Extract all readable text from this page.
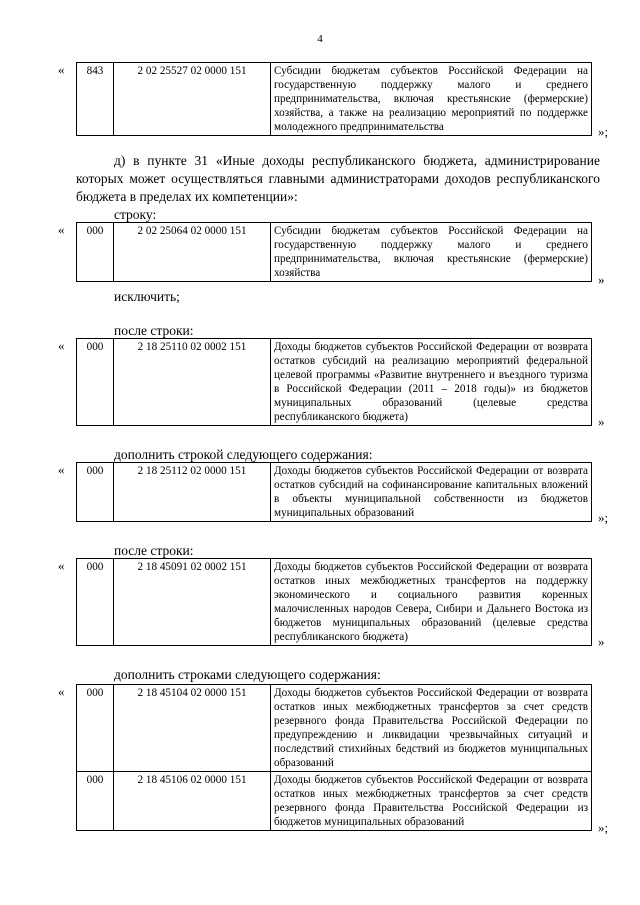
4
« 843	2 02 25527 02 0000 151	Субсидии бюджетам субъектов Российской Федерации на государственную поддержку малого и среднего предпринимательства, включая крестьянские (фермерские) хозяйства, а также на реализацию мероприятий по поддержке молодежного предпринимательства	»;
д) в пункте 31 «Иные доходы республиканского бюджета, администрирование которых может осуществляться главными администраторами доходов республиканского бюджета в пределах их компетенции»:
строку:
« 000	2 02 25064 02 0000 151	Субсидии бюджетам субъектов Российской Федерации на государственную поддержку малого и среднего предпринимательства, включая крестьянские (фермерские) хозяйства	»
исключить;
после строки:
« 000	2 18 25110 02 0002 151	Доходы бюджетов субъектов Российской Федерации от возврата остатков субсидий на реализацию мероприятий федеральной целевой программы «Развитие внутреннего и въездного туризма в Российской Федерации (2011 – 2018 годы)» из бюджетов муниципальных образований (целевые средства республиканского бюджета)	»
дополнить строкой следующего содержания:
« 000	2 18 25112 02 0000 151	Доходы бюджетов субъектов Российской Федерации от возврата остатков субсидий на софинансирование капитальных вложений в объекты муниципальной собственности из бюджетов муниципальных образований	»;
после строки:
« 000	2 18 45091 02 0002 151	Доходы бюджетов субъектов Российской Федерации от возврата остатков иных межбюджетных трансфертов на поддержку экономического и социального развития коренных малочисленных народов Севера, Сибири и Дальнего Востока из бюджетов муниципальных образований (целевые средства республиканского бюджета)	»
дополнить строками следующего содержания:
« 000	2 18 45104 02 0000 151	Доходы бюджетов субъектов Российской Федерации от возврата остатков иных межбюджетных трансфертов за счет средств резервного фонда Правительства Российской Федерации по предупреждению и ликвидации чрезвычайных ситуаций и последствий стихийных бедствий из бюджетов муниципальных образований
000	2 18 45106 02 0000 151	Доходы бюджетов субъектов Российской Федерации от возврата остатков иных межбюджетных трансфертов за счет средств резервного фонда Правительства Российской Федерации из бюджетов муниципальных образований	»;
